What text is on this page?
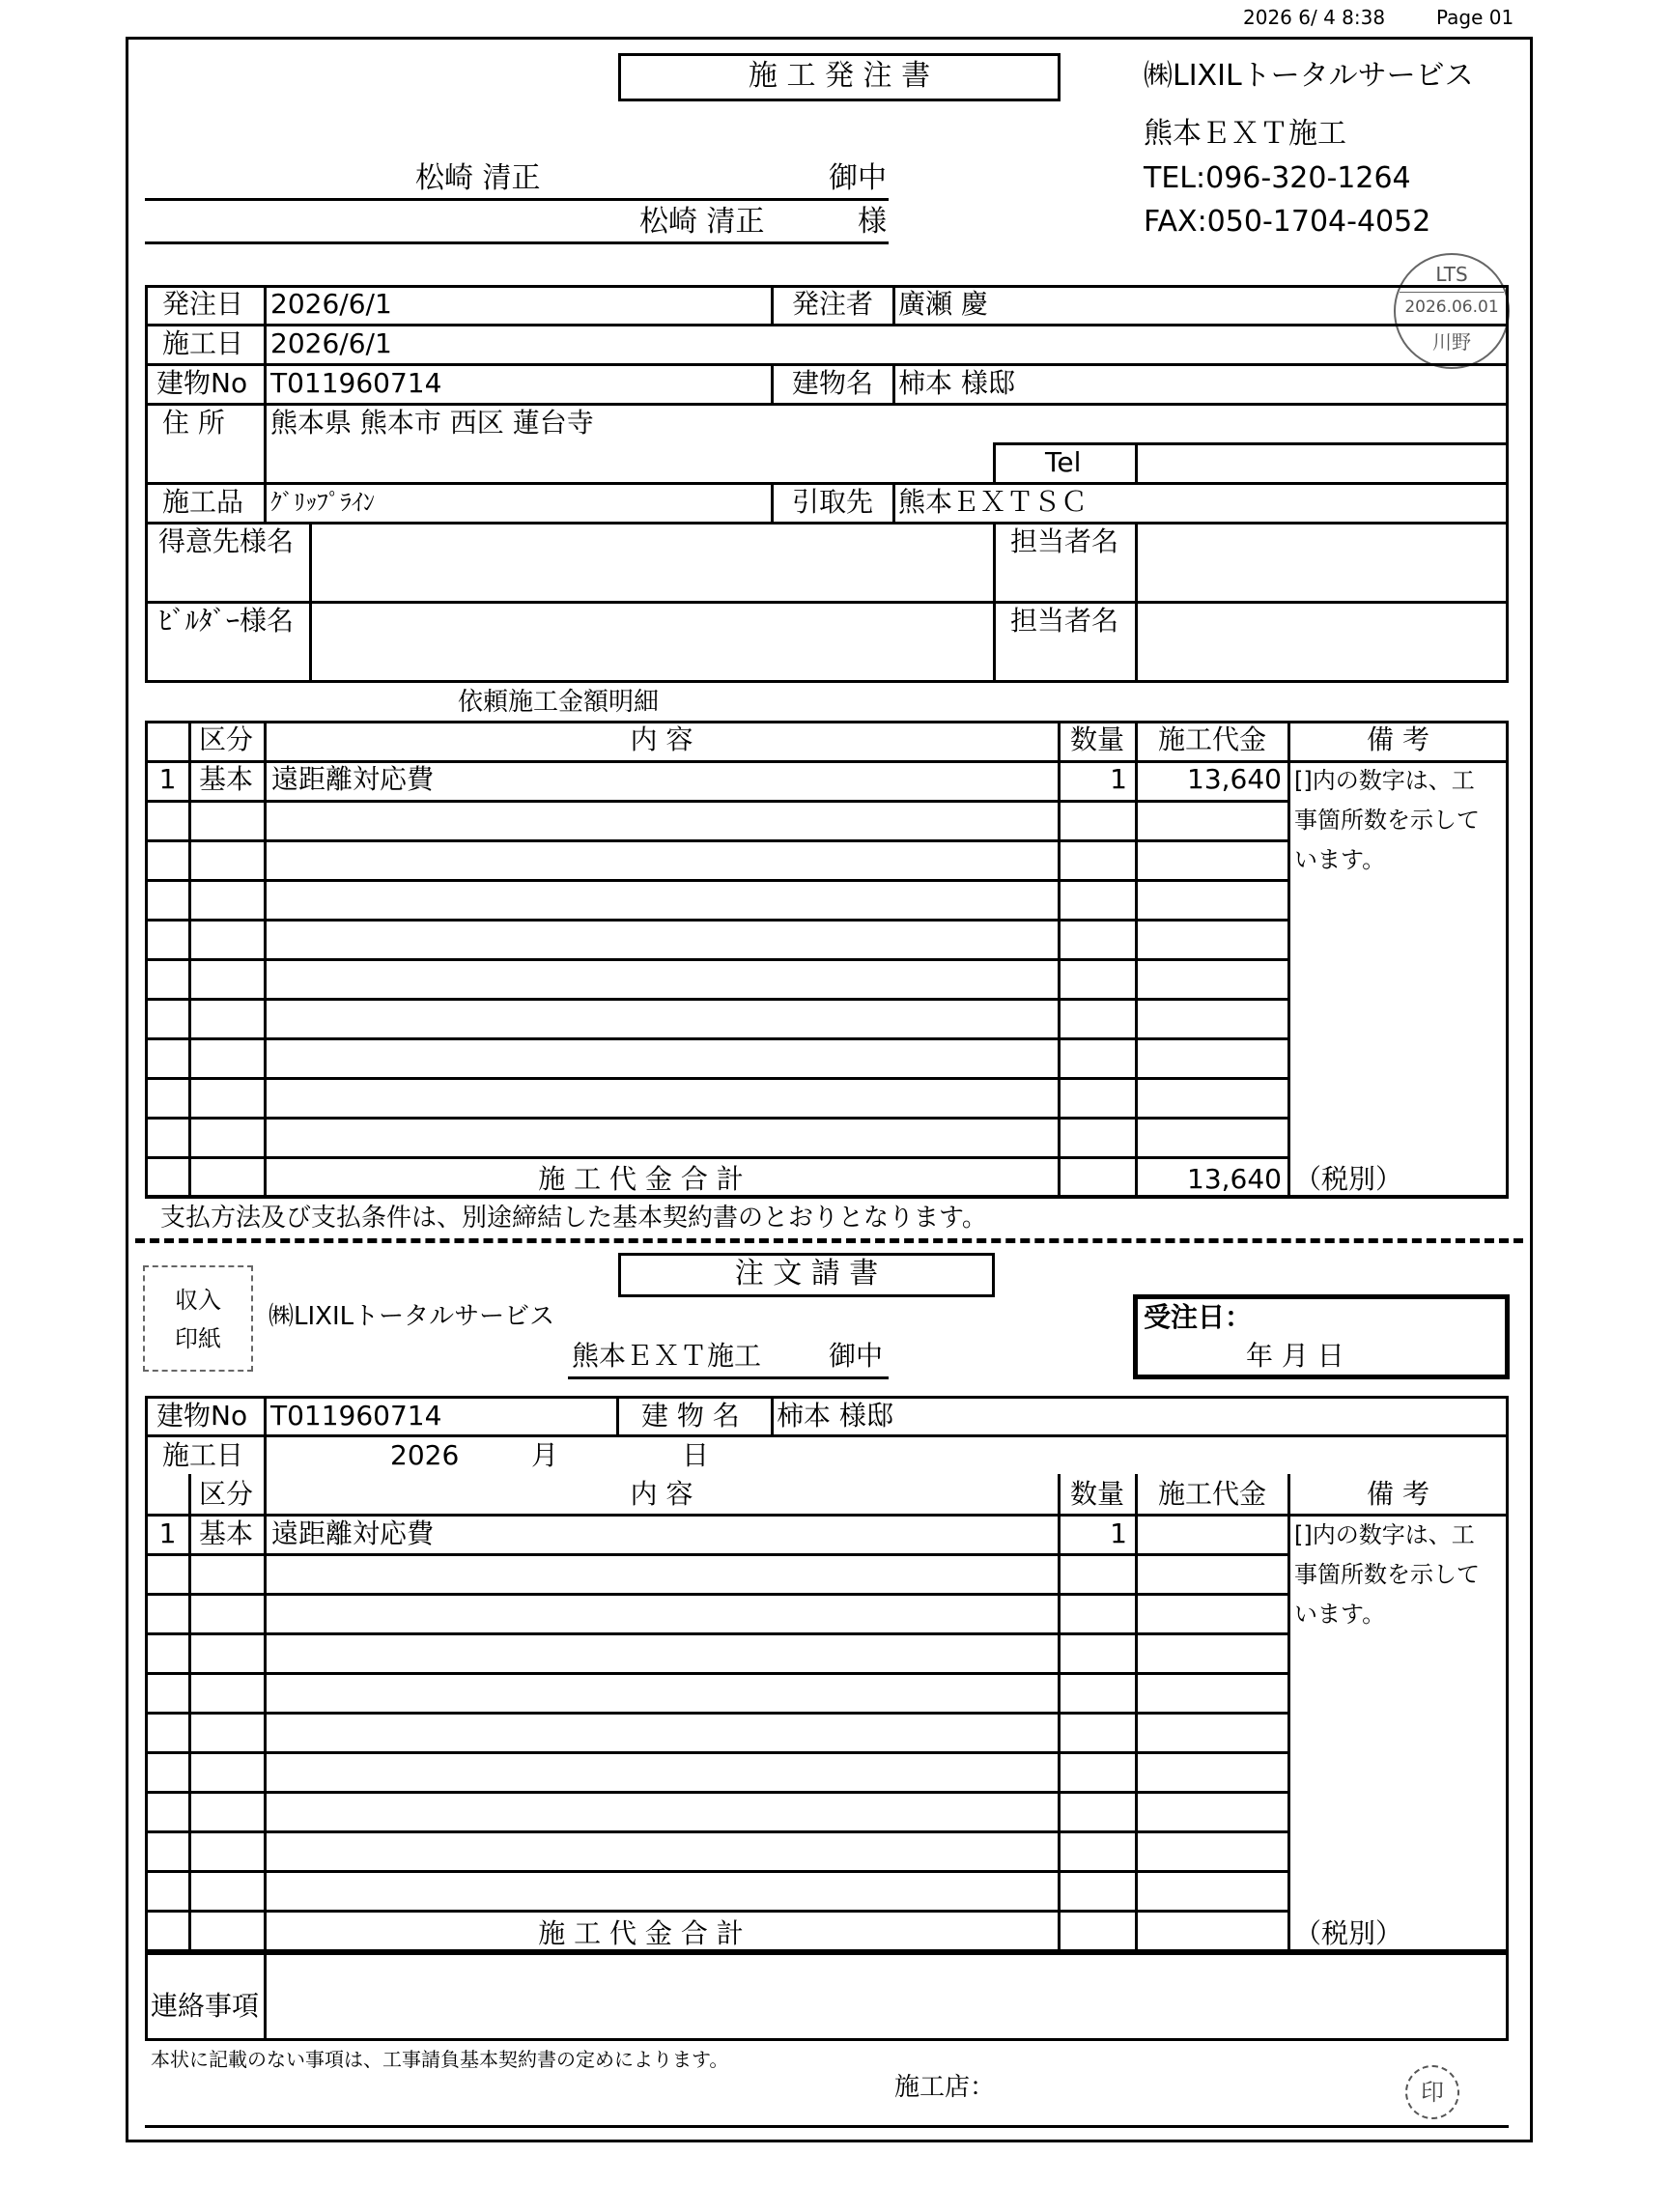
2026 6/ 4 8:38	Page 01
施 工 発 注 書	㈱LIXILトータルサービス
熊本ＥＸＴ施工
TEL:096-320-1264
FAX:050-1704-4052
松崎 清正	御中
松崎 清正	様
LTS
2026.06.01
川野
発注日 2026/6/1	発注者 廣瀬 慶
施工日 2026/6/1
建物No T011960714	建物名 柿本 様邸
住 所 熊本県 熊本市 西区 蓮台寺
Tel
施工品 ｸﾞﾘｯﾌﾟﾗｲﾝ	引取先 熊本ＥＸＴＳＣ
得意先様名	担当者名
ﾋﾞﾙﾀﾞｰ様名	担当者名
依頼施工金額明細
区分	内 容	数量	施工代金	備 考
1 基本 遠距離対応費	1	13,640 []内の数字は、工
事箇所数を示して
います。
施 工 代 金 合 計	13,640 （税別）
支払方法及び支払条件は、別途締結した基本契約書のとおりとなります。
収入
印紙
注 文 請 書
㈱LIXILトータルサービス
熊本ＥＸＴ施工 御中
受注日：
年 月 日
建物No T011960714	建 物 名 柿本 様邸
施工日	2026	月	日
区分	内 容	数量	施工代金	備 考
1 基本 遠距離対応費	1	[]内の数字は、工
事箇所数を示して
います。
施 工 代 金 合 計	（税別）
連絡事項
本状に記載のない事項は、工事請負基本契約書の定めによります。
施工店：	印
